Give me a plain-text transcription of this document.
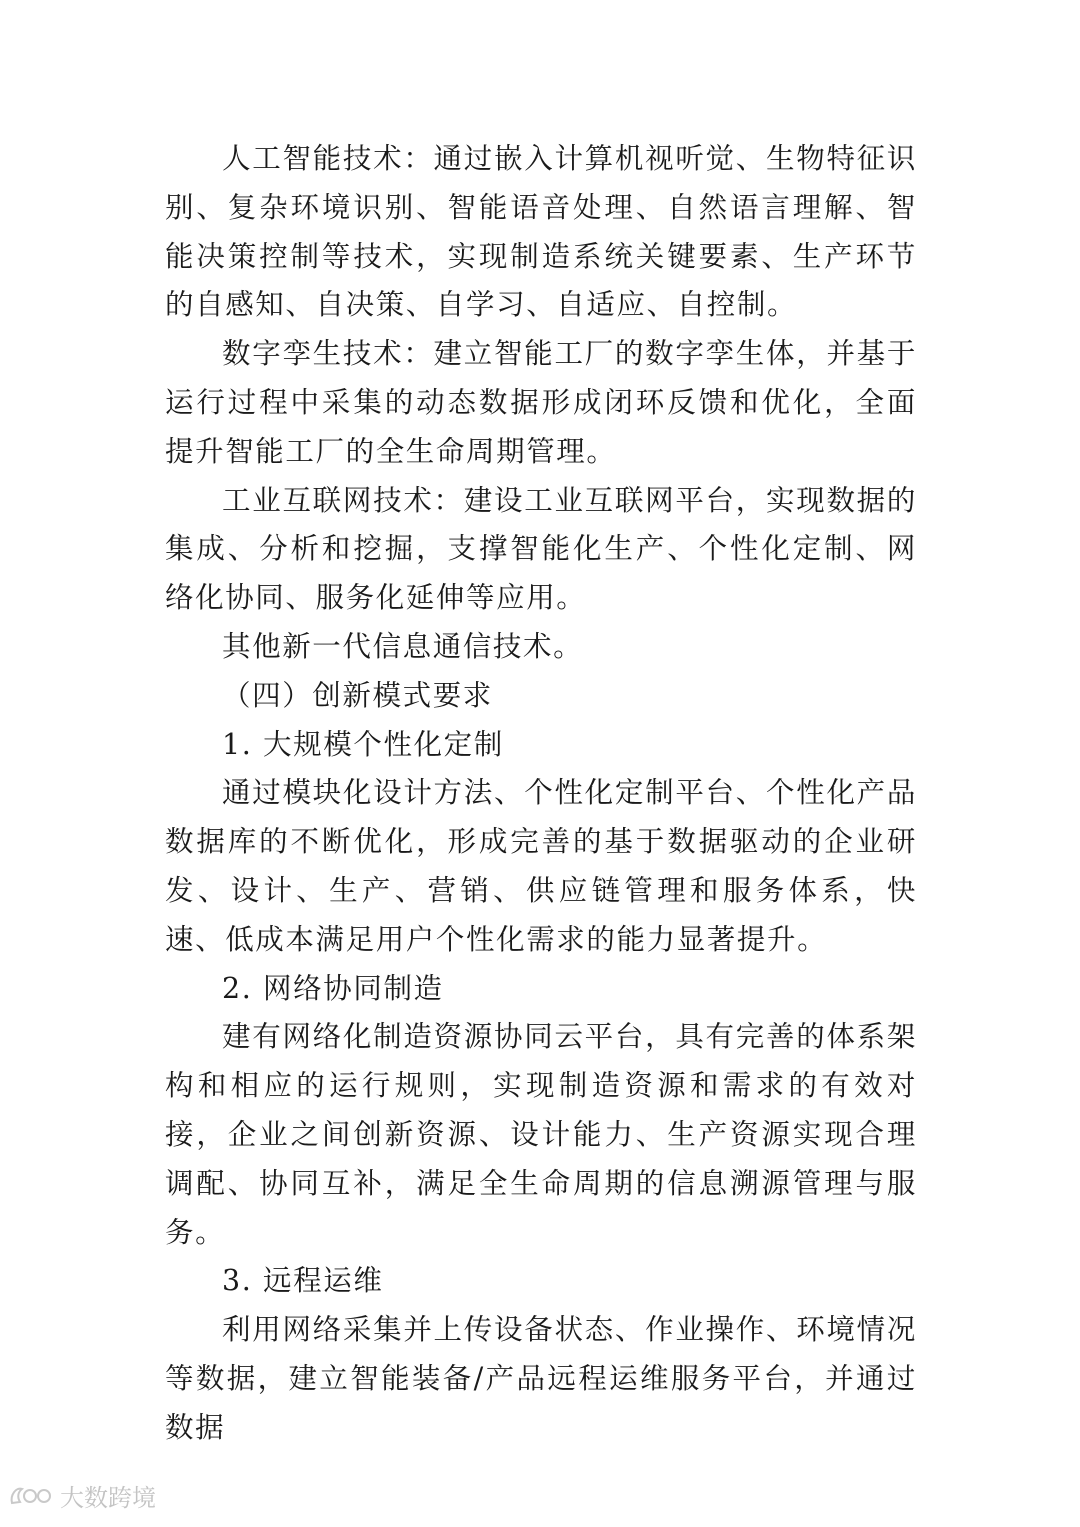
人工智能技术：通过嵌入计算机视听觉、生物特征识别、复杂环境识别、智能语音处理、自然语言理解、智能决策控制等技术，实现制造系统关键要素、生产环节的自感知、自决策、自学习、自适应、自控制。

数字孪生技术：建立智能工厂的数字孪生体，并基于运行过程中采集的动态数据形成闭环反馈和优化，全面提升智能工厂的全生命周期管理。

工业互联网技术：建设工业互联网平台，实现数据的集成、分析和挖掘，支撑智能化生产、个性化定制、网络化协同、服务化延伸等应用。

其他新一代信息通信技术。

（四）创新模式要求

1. 大规模个性化定制

通过模块化设计方法、个性化定制平台、个性化产品数据库的不断优化，形成完善的基于数据驱动的企业研发、设计、生产、营销、供应链管理和服务体系，快速、低成本满足用户个性化需求的能力显著提升。

2. 网络协同制造

建有网络化制造资源协同云平台，具有完善的体系架构和相应的运行规则，实现制造资源和需求的有效对接，企业之间创新资源、设计能力、生产资源实现合理调配、协同互补，满足全生命周期的信息溯源管理与服务。

3. 远程运维

利用网络采集并上传设备状态、作业操作、环境情况等数据，建立智能装备/产品远程运维服务平台，并通过数据

大数跨境
